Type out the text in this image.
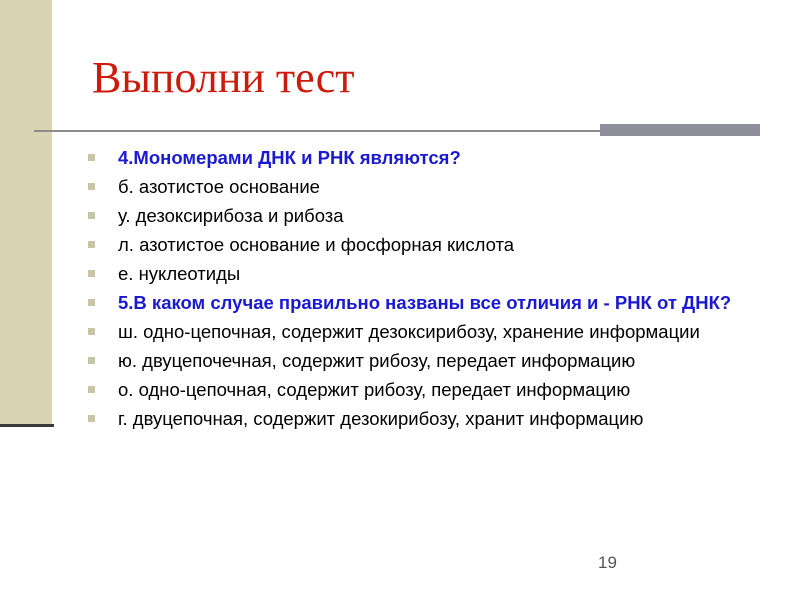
Выполни тест
4.Мономерами ДНК и РНК являются?
б. азотистое основание
у. дезоксирибоза и рибоза
л. азотистое основание и фосфорная кислота
е. нуклеотиды
5.В каком случае правильно названы все отличия и - РНК от ДНК?
ш. одно-цепочная, содержит дезоксирибозу, хранение информации
ю. двуцепочечная, содержит рибозу, передает информацию
о. одно-цепочная, содержит рибозу, передает информацию
г. двуцепочная, содержит дезокирибозу, хранит информацию
19
